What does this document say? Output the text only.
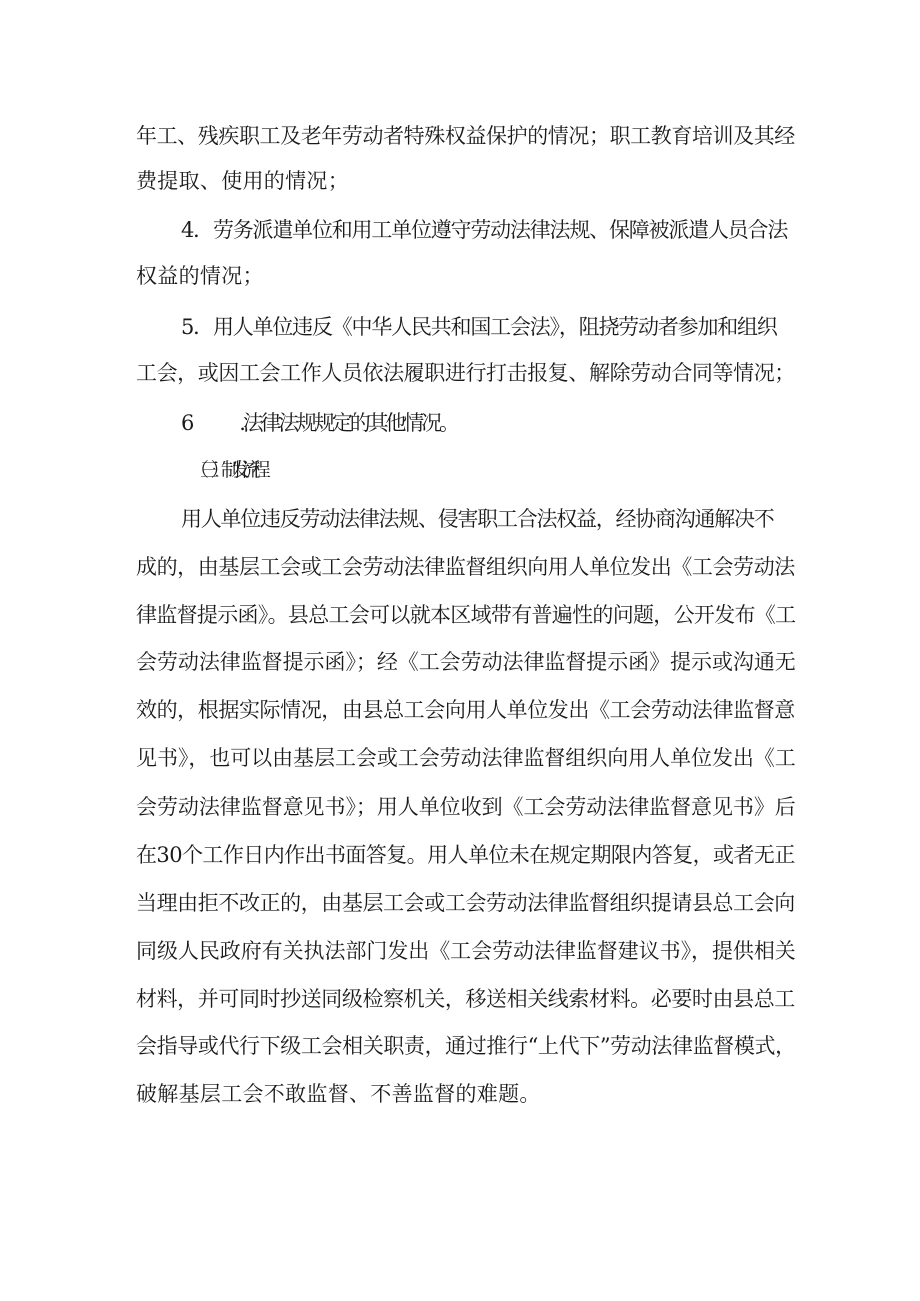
年工、残疾职工及老年劳动者特殊权益保护的情况；职工教育培训及其经
费提取、使用的情况；
4．劳务派遣单位和用工单位遵守劳动法律法规、保障被派遣人员合法
权益的情况；
5．用人单位违反《中华人民共和国工会法》，阻挠劳动者参加和组织
工会，或因工会工作人员依法履职进行打击报复、解除劳动合同等情况；
6 .法律法规规定的其他情况。
（三）制发流程
用人单位违反劳动法律法规、侵害职工合法权益，经协商沟通解决不
成的，由基层工会或工会劳动法律监督组织向用人单位发出《工会劳动法
律监督提示函》。县总工会可以就本区域带有普遍性的问题，公开发布《工
会劳动法律监督提示函》；经《工会劳动法律监督提示函》提示或沟通无
效的，根据实际情况，由县总工会向用人单位发出《工会劳动法律监督意
见书》，也可以由基层工会或工会劳动法律监督组织向用人单位发出《工
会劳动法律监督意见书》；用人单位收到《工会劳动法律监督意见书》后
在30个工作日内作出书面答复。用人单位未在规定期限内答复，或者无正
当理由拒不改正的，由基层工会或工会劳动法律监督组织提请县总工会向
同级人民政府有关执法部门发出《工会劳动法律监督建议书》，提供相关
材料，并可同时抄送同级检察机关，移送相关线索材料。必要时由县总工
会指导或代行下级工会相关职责，通过推行“上代下”劳动法律监督模式，
破解基层工会不敢监督、不善监督的难题。
